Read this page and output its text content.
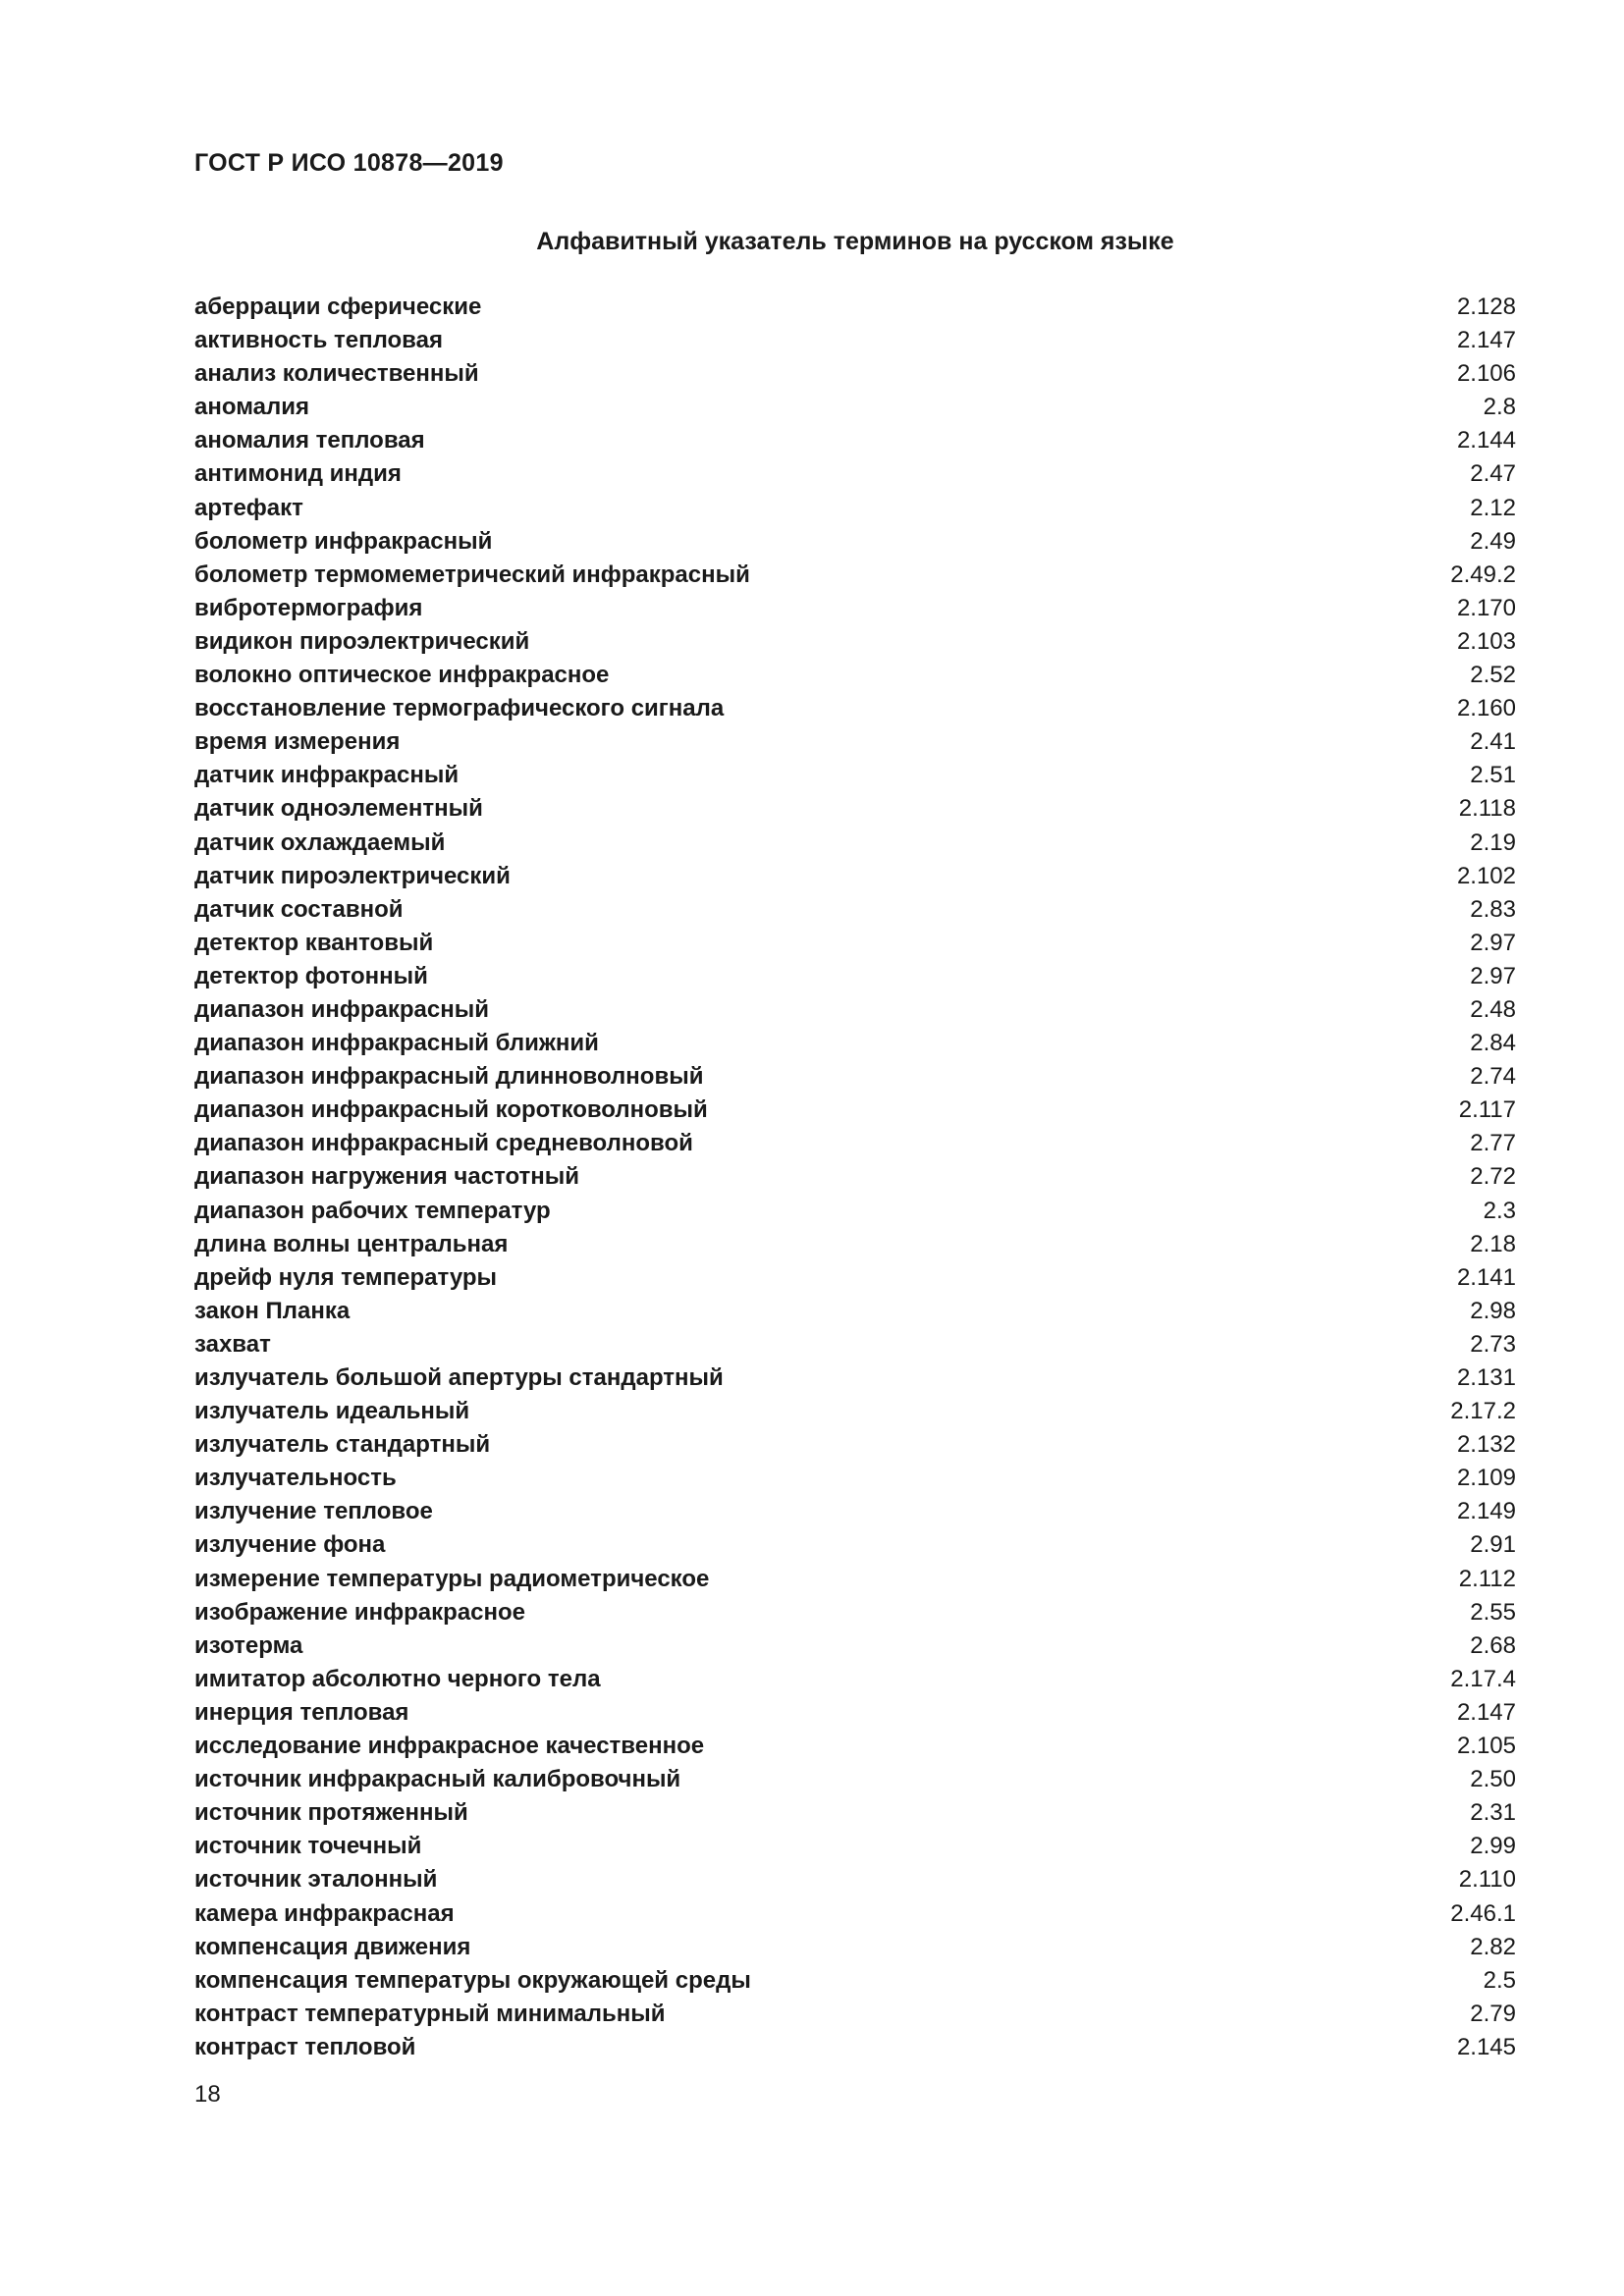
ГОСТ Р ИСО 10878—2019

Алфавитный указатель терминов на русском языке
аберрации сферические	2.128
активность тепловая	2.147
анализ количественный	2.106
аномалия	2.8
аномалия тепловая	2.144
антимонид индия	2.47
артефакт	2.12
болометр инфракрасный	2.49
болометр термомеметрический инфракрасный	2.49.2
вибротермография	2.170
видикон пироэлектрический	2.103
волокно оптическое инфракрасное	2.52
восстановление термографического сигнала	2.160
время измерения	2.41
датчик инфракрасный	2.51
датчик одноэлементный	2.118
датчик охлаждаемый	2.19
датчик пироэлектрический	2.102
датчик составной	2.83
детектор квантовый	2.97
детектор фотонный	2.97
диапазон инфракрасный	2.48
диапазон инфракрасный ближний	2.84
диапазон инфракрасный длинноволновый	2.74
диапазон инфракрасный коротковолновый	2.117
диапазон инфракрасный средневолновой	2.77
диапазон нагружения частотный	2.72
диапазон рабочих температур	2.3
длина волны центральная	2.18
дрейф нуля температуры	2.141
закон Планка	2.98
захват	2.73
излучатель большой апертуры стандартный	2.131
излучатель идеальный	2.17.2
излучатель стандартный	2.132
излучательность	2.109
излучение тепловое	2.149
излучение фона	2.91
измерение температуры радиометрическое	2.112
изображение инфракрасное	2.55
изотерма	2.68
имитатор абсолютно черного тела	2.17.4
инерция тепловая	2.147
исследование инфракрасное качественное	2.105
источник инфракрасный калибровочный	2.50
источник протяженный	2.31
источник точечный	2.99
источник эталонный	2.110
камера инфракрасная	2.46.1
компенсация движения	2.82
компенсация температуры окружающей среды	2.5
контраст температурный минимальный	2.79
контраст тепловой	2.145

18
